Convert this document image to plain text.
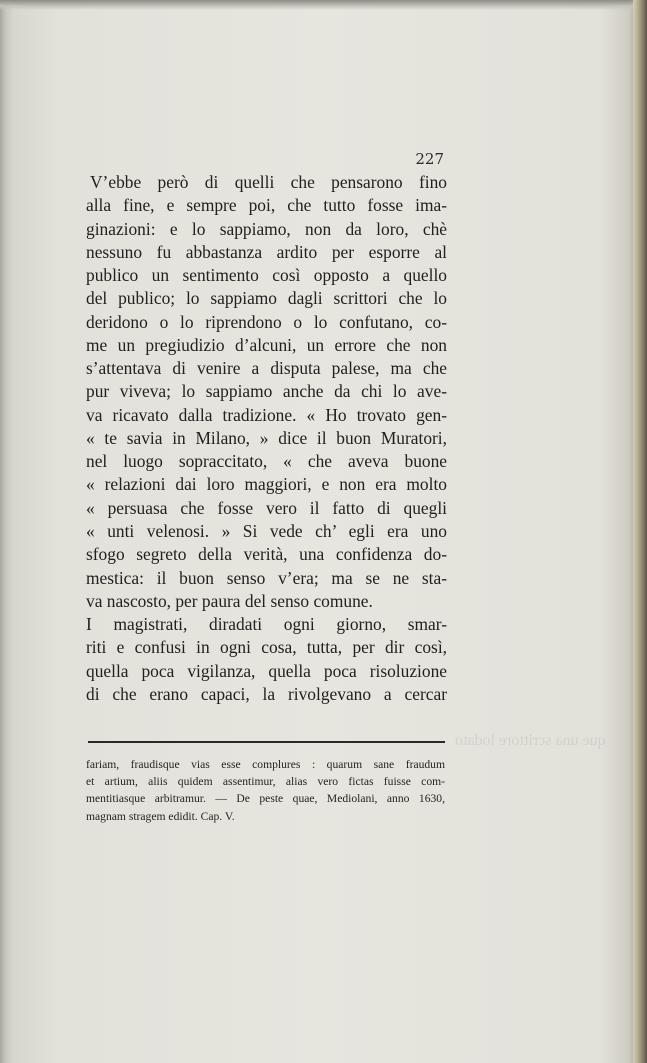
que una scrittore lodato
227
V’ebbe però di quelli che pensarono fino
alla fine, e sempre poi, che tutto fosse ima-
ginazioni: e lo sappiamo, non da loro, chè
nessuno fu abbastanza ardito per esporre al
publico un sentimento così opposto a quello
del publico; lo sappiamo dagli scrittori che lo
deridono o lo riprendono o lo confutano, co-
me un pregiudizio d’alcuni, un errore che non
s’attentava di venire a disputa palese, ma che
pur viveva; lo sappiamo anche da chi lo ave-
va ricavato dalla tradizione. « Ho trovato gen-
« te savia in Milano, » dice il buon Muratori,
nel luogo sopraccitato, « che aveva buone
« relazioni dai loro maggiori, e non era molto
« persuasa che fosse vero il fatto di quegli
« unti velenosi. » Si vede ch’ egli era uno
sfogo segreto della verità, una confidenza do-
mestica: il buon senso v’era; ma se ne sta-
va nascosto, per paura del senso comune.
I magistrati, diradati ogni giorno, smar-
riti e confusi in ogni cosa, tutta, per dir così,
quella poca vigilanza, quella poca risoluzione
di che erano capaci, la rivolgevano a cercar
fariam, fraudisque vias esse complures : quarum sane fraudum
et artium, aliis quidem assentimur, alias vero fictas fuisse com-
mentitiasque arbitramur. — De peste quae, Mediolani, anno 1630,
magnam stragem edidit. Cap. V.
